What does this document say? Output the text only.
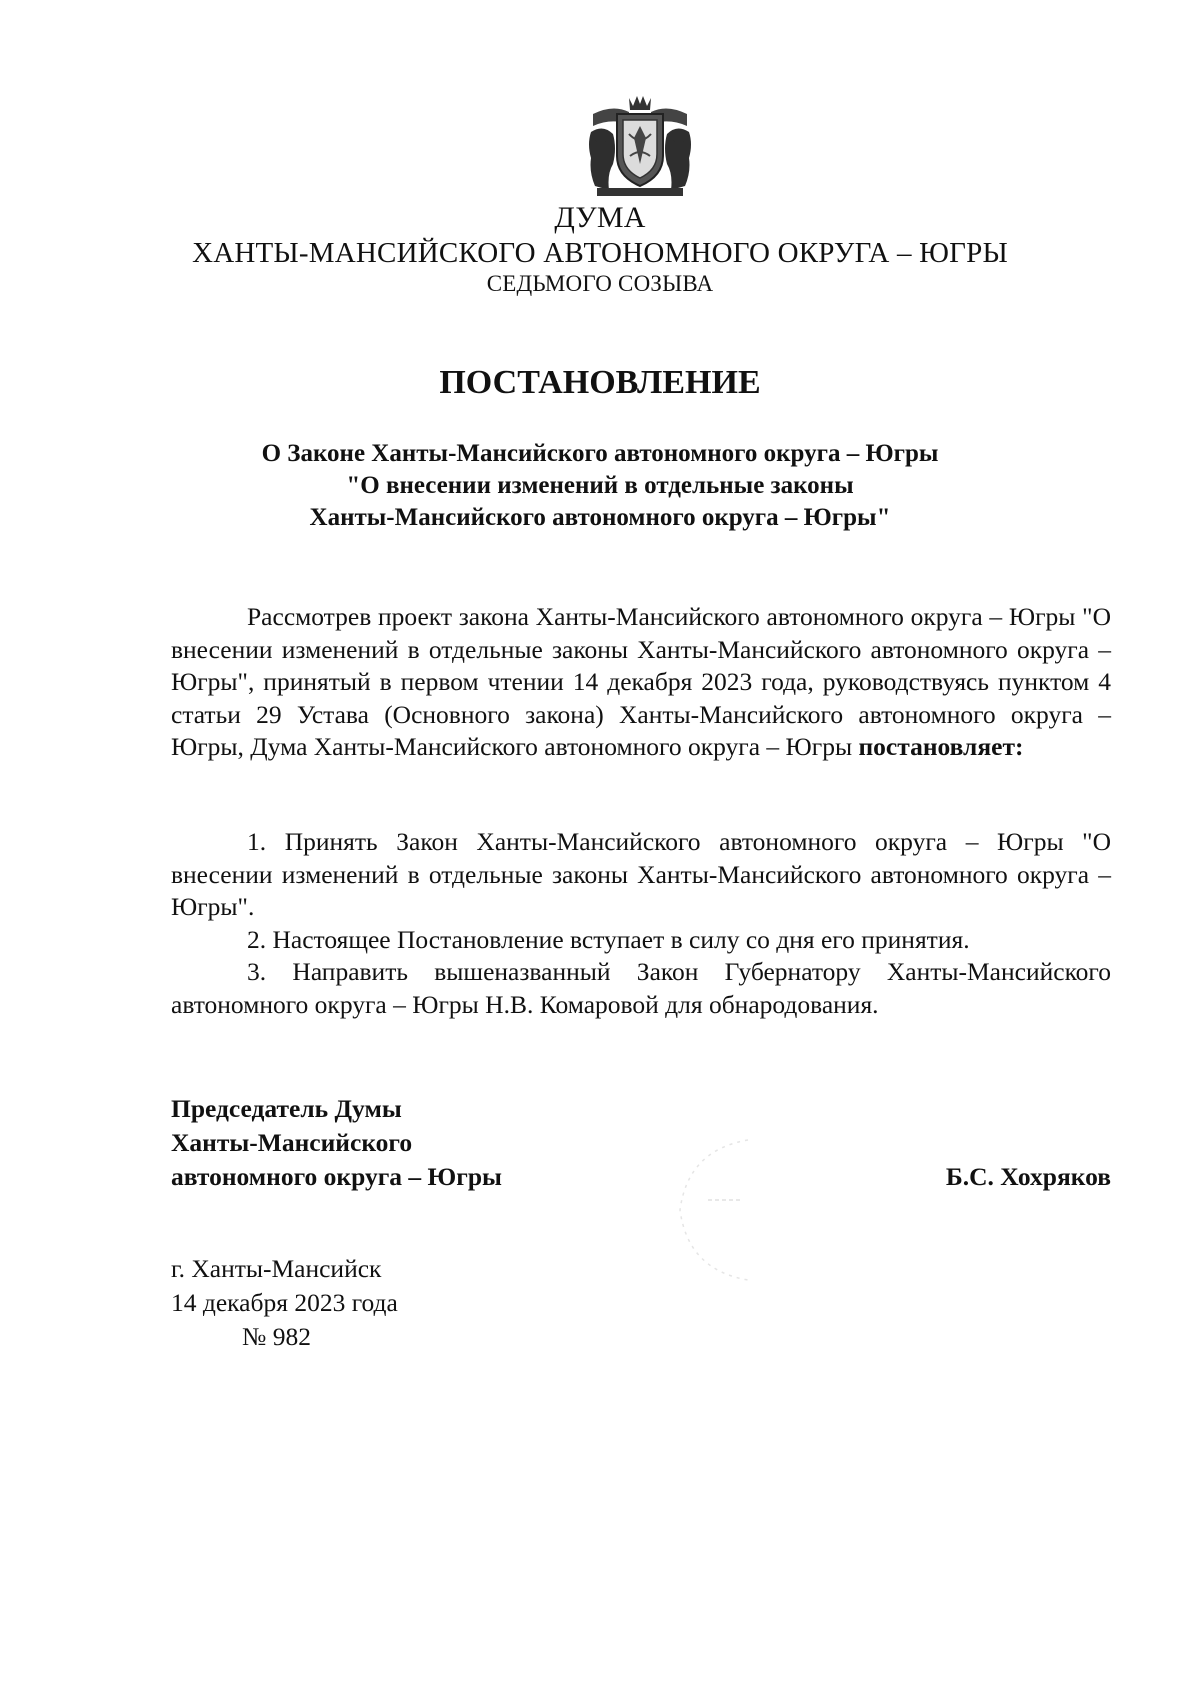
ДУМА
ХАНТЫ-МАНСИЙСКОГО АВТОНОМНОГО ОКРУГА – ЮГРЫ
СЕДЬМОГО СОЗЫВА
ПОСТАНОВЛЕНИЕ
О Законе Ханты-Мансийского автономного округа – Югры
"О внесении изменений в отдельные законы
Ханты-Мансийского автономного округа – Югры"
Рассмотрев проект закона Ханты-Мансийского автономного округа – Югры "О внесении изменений в отдельные законы Ханты-Мансийского автономного округа – Югры", принятый в первом чтении 14 декабря 2023 года, руководствуясь пунктом 4 статьи 29 Устава (Основного закона) Ханты-Мансийского автономного округа – Югры, Дума Ханты-Мансийского автономного округа – Югры постановляет:

1. Принять Закон Ханты-Мансийского автономного округа – Югры "О внесении изменений в отдельные законы Ханты-Мансийского автономного округа – Югры".

2. Настоящее Постановление вступает в силу со дня его принятия.

3. Направить вышеназванный Закон Губернатору Ханты-Мансийского автономного округа – Югры Н.В. Комаровой для обнародования.

Председатель Думы
Ханты-Мансийского
автономного округа – Югры	Б.С. Хохряков
г. Ханты-Мансийск
14 декабря 2023 года
№ 982
